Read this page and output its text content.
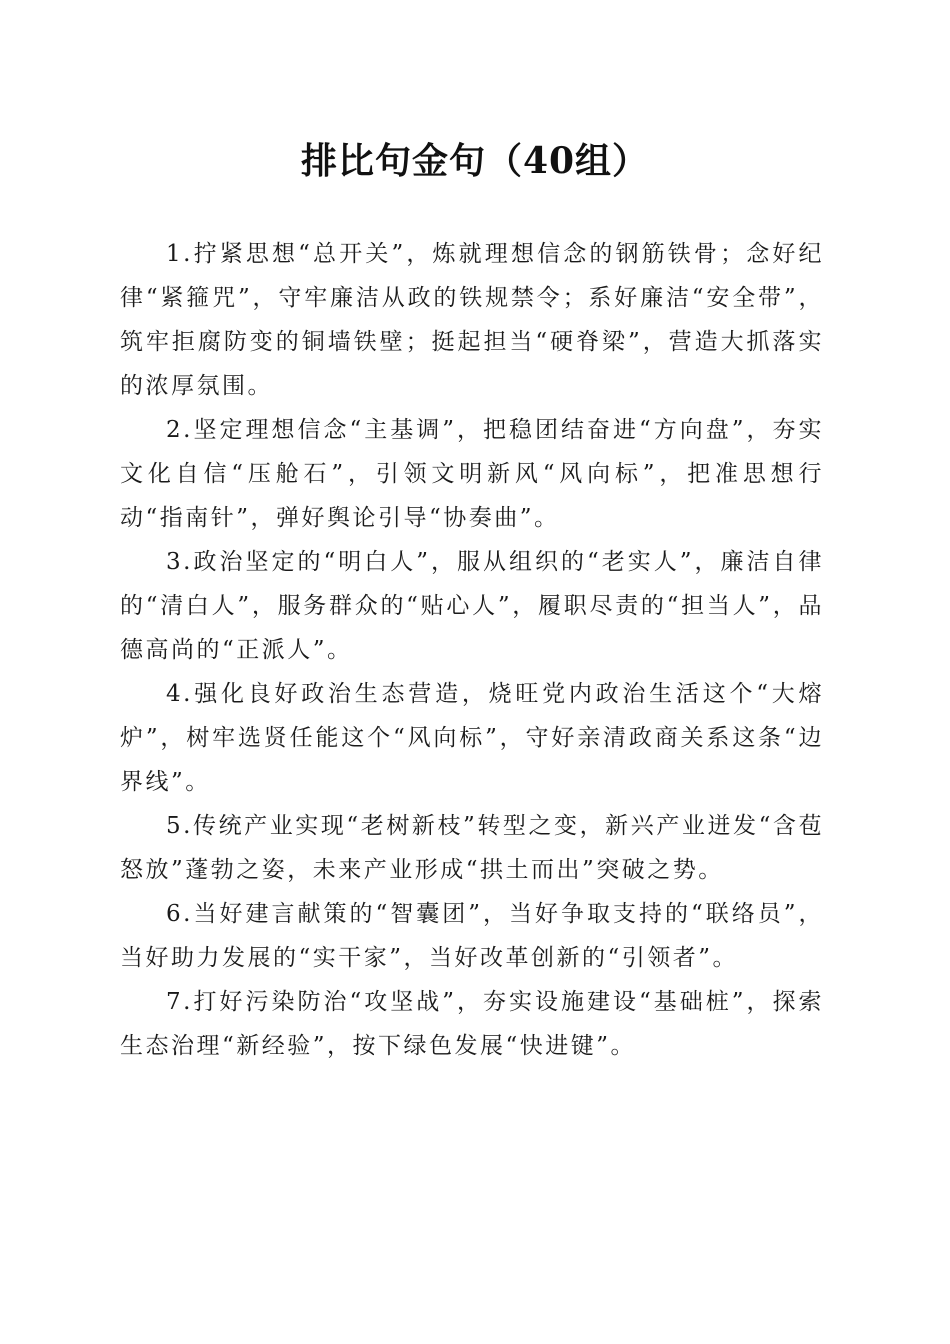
排比句金句（40组）

1.拧紧思想“总开关”，炼就理想信念的钢筋铁骨；念好纪律“紧箍咒”，守牢廉洁从政的铁规禁令；系好廉洁“安全带”，筑牢拒腐防变的铜墙铁壁；挺起担当“硬脊梁”，营造大抓落实的浓厚氛围。

2.坚定理想信念“主基调”，把稳团结奋进“方向盘”，夯实文化自信“压舱石”，引领文明新风“风向标”，把准思想行动“指南针”，弹好舆论引导“协奏曲”。

3.政治坚定的“明白人”，服从组织的“老实人”，廉洁自律的“清白人”，服务群众的“贴心人”，履职尽责的“担当人”，品德高尚的“正派人”。

4.强化良好政治生态营造，烧旺党内政治生活这个“大熔炉”，树牢选贤任能这个“风向标”，守好亲清政商关系这条“边界线”。

5.传统产业实现“老树新枝”转型之变，新兴产业迸发“含苞怒放”蓬勃之姿，未来产业形成“拱土而出”突破之势。

6.当好建言献策的“智囊团”，当好争取支持的“联络员”，当好助力发展的“实干家”，当好改革创新的“引领者”。

7.打好污染防治“攻坚战”，夯实设施建设“基础桩”，探索生态治理“新经验”，按下绿色发展“快进键”。
